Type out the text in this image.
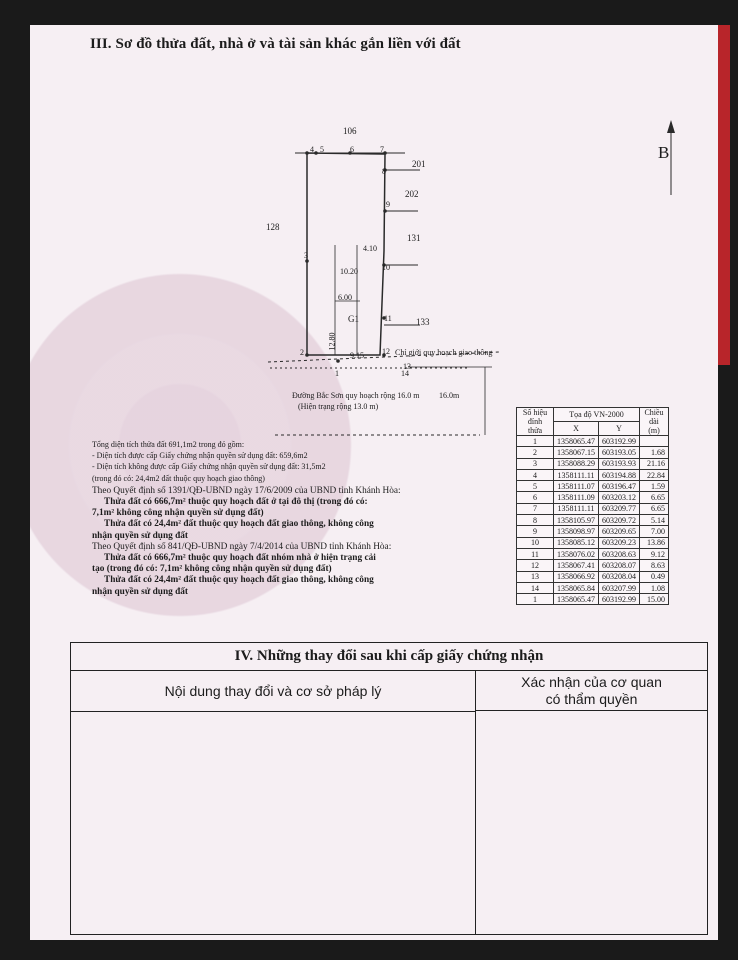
III. Sơ đồ thửa đất, nhà ở và tài sản khác gắn liền với đất
B
106
201
202
131
128
133
G1
4 5	6	7
8
9
10
11
12
13
14
3
2
1
4.10
10.20
6.00
12.80
9.15
16.0m
Chỉ giới quy hoạch giao thông
Đường Bắc Sơn quy hoạch rộng 16.0 m
(Hiện trạng rộng 13.0 m)
Tổng diện tích thửa đất 691,1m2 trong đó gồm:
- Diện tích được cấp Giấy chứng nhận quyền sử dụng đất: 659,6m2
- Diện tích không được cấp Giấy chứng nhận quyền sử dụng đất: 31,5m2
(trong đó có: 24,4m2 đất thuộc quy hoạch giao thông)
Theo Quyết định số 1391/QĐ-UBND ngày 17/6/2009 của UBND tỉnh Khánh Hòa:
Thửa đất có 666,7m² thuộc quy hoạch đất ở tại đô thị (trong đó có:
7,1m² không công nhận quyền sử dụng đất)
Thửa đất có 24,4m² đất thuộc quy hoạch đất giao thông, không công
nhận quyền sử dụng đất
Theo Quyết định số 841/QĐ-UBND ngày 7/4/2014 của UBND tỉnh Khánh Hòa:
Thửa đất có 666,7m² thuộc quy hoạch đất nhóm nhà ở hiện trạng cải
tạo (trong đó có: 7,1m² không công nhận quyền sử dụng đất)
Thửa đất có 24,4m² đất thuộc quy hoạch đất giao thông, không công
nhận quyền sử dụng đất
Số hiệu đỉnh thửa	Tọa độ VN-2000		Chiều dài (m)
	X	Y	
1	1358065.47	603192.99	
2	1358067.15	603193.05	1.68
3	1358088.29	603193.93	21.16
4	1358111.11	603194.88	22.84
5	1358111.07	603196.47	1.59
6	1358111.09	603203.12	6.65
7	1358111.11	603209.77	6.65
8	1358105.97	603209.72	5.14
9	1358098.97	603209.65	7.00
10	1358085.12	603209.23	13.86
11	1358076.02	603208.63	9.12
12	1358067.41	603208.07	8.63
13	1358066.92	603208.04	0.49
14	1358065.84	603207.99	1.08
1	1358065.47	603192.99	15.00
IV. Những thay đổi sau khi cấp giấy chứng nhận
Nội dung thay đổi và cơ sở pháp lý
Xác nhận của cơ quan
có thẩm quyền
